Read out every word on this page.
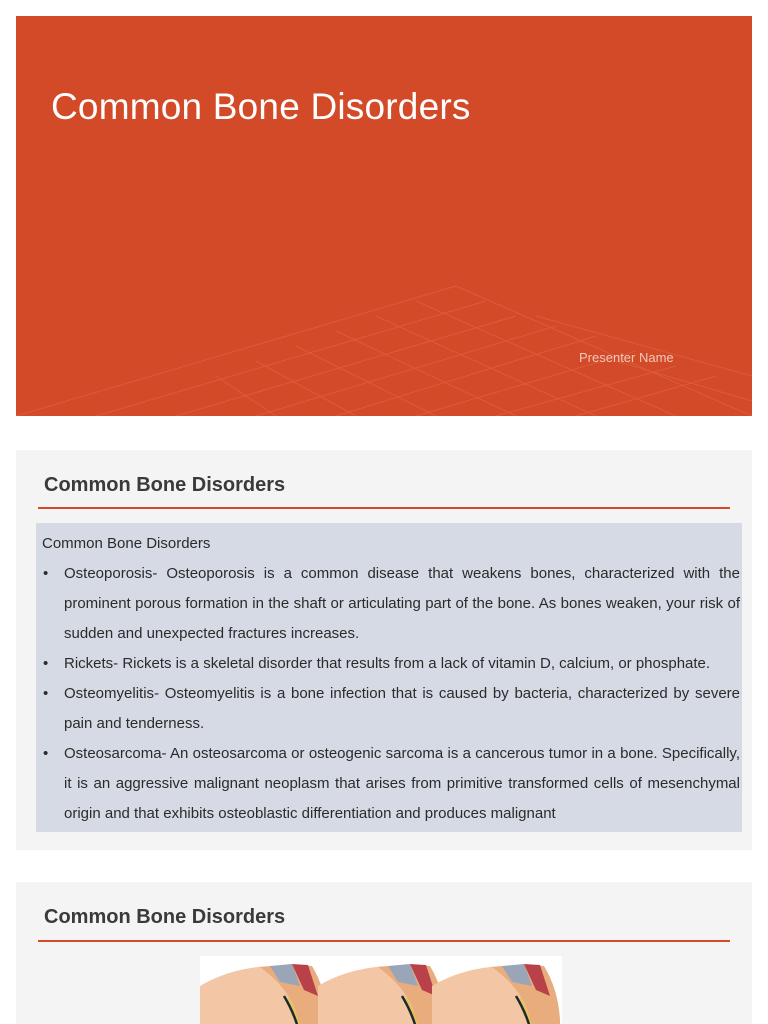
Common Bone Disorders
Presenter Name
Common Bone Disorders

Common Bone Disorders

• Osteoporosis- Osteoporosis is a common disease that weakens bones, characterized with the prominent porous formation in the shaft or articulating part of the bone. As bones weaken, your risk of sudden and unexpected fractures increases.
• Rickets- Rickets is a skeletal disorder that results from a lack of vitamin D, calcium, or phosphate.
• Osteomyelitis- Osteomyelitis is a bone infection that is caused by bacteria, characterized by severe pain and tenderness.
• Osteosarcoma- An osteosarcoma or osteogenic sarcoma is a cancerous tumor in a bone. Specifically, it is an aggressive malignant neoplasm that arises from primitive transformed cells of mesenchymal origin and that exhibits osteoblastic differentiation and produces malignant
Common Bone Disorders
